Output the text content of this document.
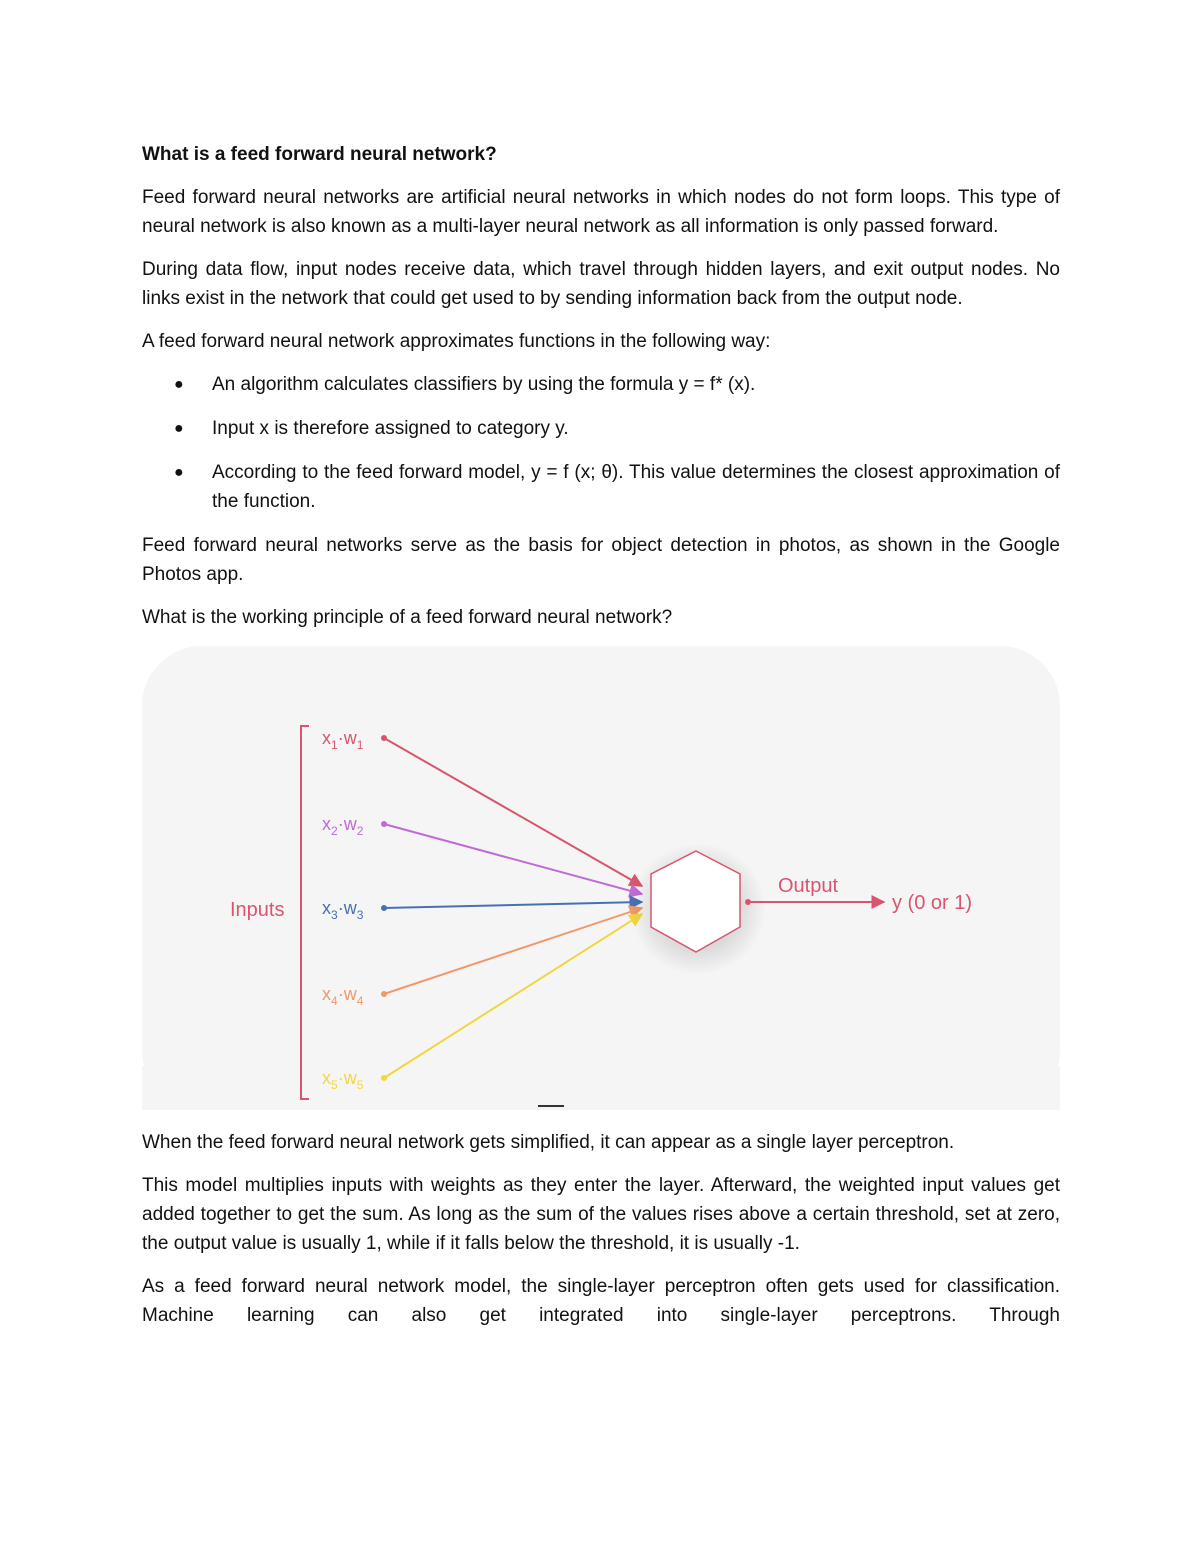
What is a feed forward neural network?

Feed forward neural networks are artificial neural networks in which nodes do not form loops. This type of neural network is also known as a multi-layer neural network as all information is only passed forward.

During data flow, input nodes receive data, which travel through hidden layers, and exit output nodes. No links exist in the network that could get used to by sending information back from the output node.

A feed forward neural network approximates functions in the following way:

● An algorithm calculates classifiers by using the formula y = f* (x).
● Input x is therefore assigned to category y.
● According to the feed forward model, y = f (x; θ). This value determines the closest approximation of the function.

Feed forward neural networks serve as the basis for object detection in photos, as shown in the Google Photos app.

What is the working principle of a feed forward neural network?

Inputs
$x_1\cdot w_1$
$x_2\cdot w_2$
$x_3\cdot w_3$
$x_4\cdot w_4$
$x_5\cdot w_5$
Output
y (0 or 1)

When the feed forward neural network gets simplified, it can appear as a single layer perceptron.

This model multiplies inputs with weights as they enter the layer. Afterward, the weighted input values get added together to get the sum. As long as the sum of the values rises above a certain threshold, set at zero, the output value is usually 1, while if it falls below the threshold, it is usually -1.

As a feed forward neural network model, the single-layer perceptron often gets used for classification. Machine learning can also get integrated into single-layer perceptrons. Through
